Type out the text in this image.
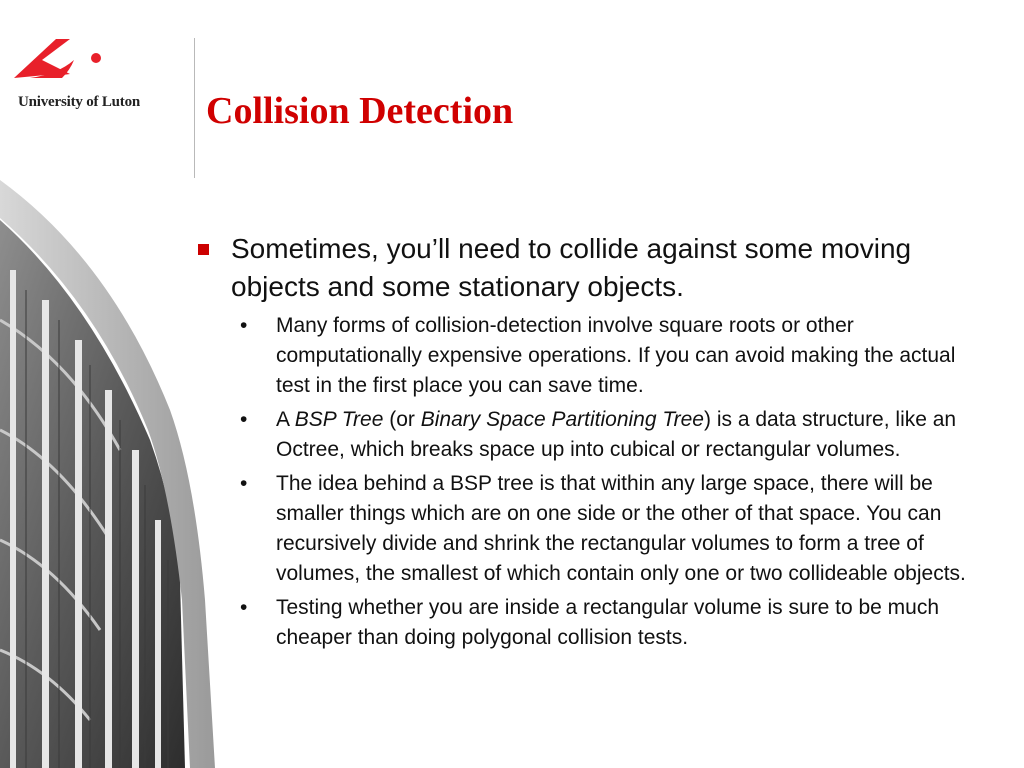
University of Luton Collision Detection
Sometimes, you’ll need to collide against some moving objects and some stationary objects.
• Many forms of collision-detection involve square roots or other computationally expensive operations. If you can avoid making the actual test in the first place you can save time.
• A BSP Tree (or Binary Space Partitioning Tree) is a data structure, like an Octree, which breaks space up into cubical or rectangular volumes.
• The idea behind a BSP tree is that within any large space, there will be smaller things which are on one side or the other of that space. You can recursively divide and shrink the rectangular volumes to form a tree of volumes, the smallest of which contain only one or two collideable objects.
• Testing whether you are inside a rectangular volume is sure to be much cheaper than doing polygonal collision tests.
